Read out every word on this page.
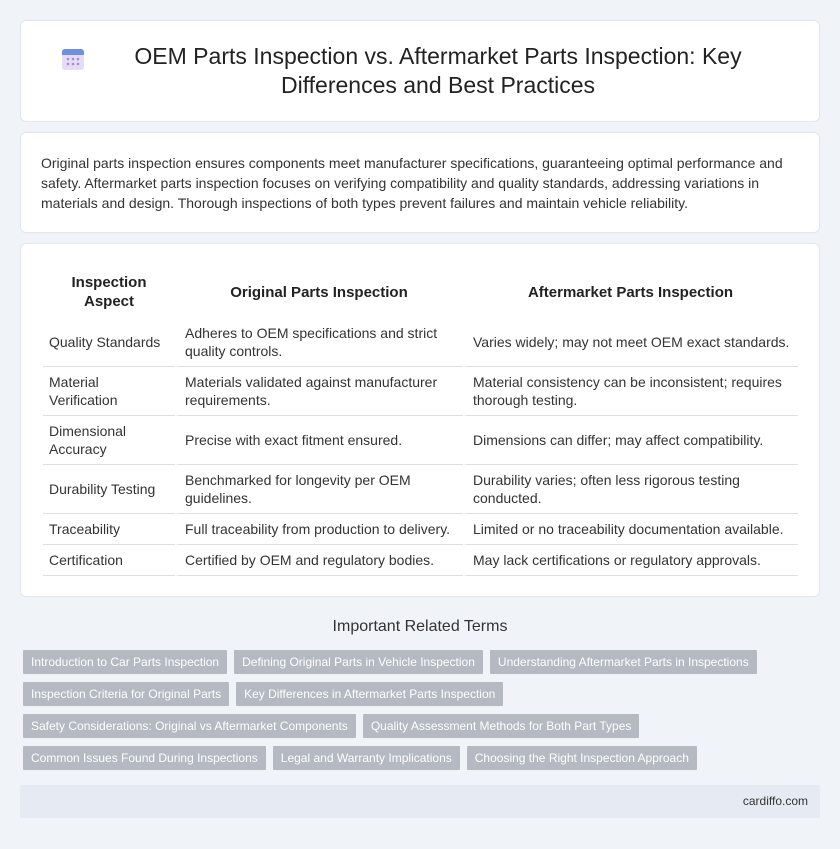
OEM Parts Inspection vs. Aftermarket Parts Inspection: Key Differences and Best Practices

Original parts inspection ensures components meet manufacturer specifications, guaranteeing optimal performance and safety. Aftermarket parts inspection focuses on verifying compatibility and quality standards, addressing variations in materials and design. Thorough inspections of both types prevent failures and maintain vehicle reliability.

Inspection Aspect	Original Parts Inspection	Aftermarket Parts Inspection
Quality Standards	Adheres to OEM specifications and strict quality controls.	Varies widely; may not meet OEM exact standards.
Material Verification	Materials validated against manufacturer requirements.	Material consistency can be inconsistent; requires thorough testing.
Dimensional Accuracy	Precise with exact fitment ensured.	Dimensions can differ; may affect compatibility.
Durability Testing	Benchmarked for longevity per OEM guidelines.	Durability varies; often less rigorous testing conducted.
Traceability	Full traceability from production to delivery.	Limited or no traceability documentation available.
Certification	Certified by OEM and regulatory bodies.	May lack certifications or regulatory approvals.
Important Related Terms
Introduction to Car Parts Inspection	Defining Original Parts in Vehicle Inspection	Understanding Aftermarket Parts in Inspections
Inspection Criteria for Original Parts	Key Differences in Aftermarket Parts Inspection
Safety Considerations: Original vs Aftermarket Components	Quality Assessment Methods for Both Part Types
Common Issues Found During Inspections	Legal and Warranty Implications	Choosing the Right Inspection Approach
cardiffo.com
